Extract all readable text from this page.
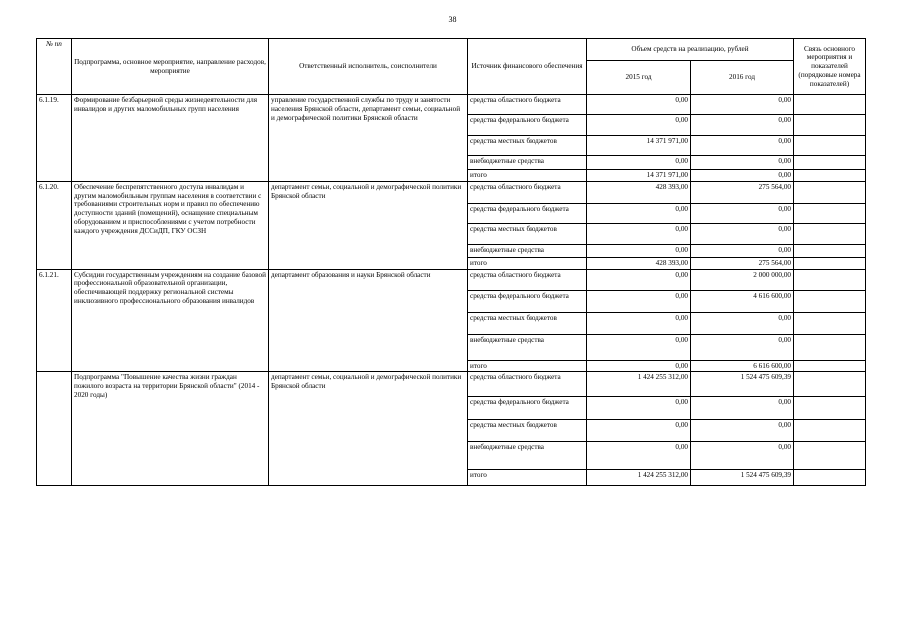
38
№ пп	Подпрограмма, основное мероприятие, направление расходов, мероприятие	Ответственный исполнитель, соисполнители	Источник финансового обеспечения	Объем средств на реализацию, рублей		Связь основного мероприятия и показателей (порядковые номера показателей)
				2015 год	2016 год	
6.1.19.	Формирование безбарьерной среды жизнедеятельности для инвалидов и других маломобильных групп населения	управление государственной службы по труду и занятости населения Брянской области, департамент семьи, социальной и демографической политики Брянской области	средства областного бюджета	0,00	0,00	
			средства федерального бюджета	0,00	0,00	
			средства местных бюджетов	14 371 971,00	0,00	
			внебюджетные средства	0,00	0,00	
			итого	14 371 971,00	0,00	
6.1.20.	Обеспечение беспрепятственного доступа инвалидам и другим маломобильным группам населения в соответствии с требованиями строительных норм и правил по обеспечению доступности зданий (помещений), оснащение специальным оборудованием и приспособлениями с учетом потребности каждого учреждения ДССиДП, ГКУ ОСЗН	департамент семьи, социальной и демографической политики Брянской области	средства областного бюджета	428 393,00	275 564,00	
			средства федерального бюджета	0,00	0,00	
			средства местных бюджетов	0,00	0,00	
			внебюджетные средства	0,00	0,00	
			итого	428 393,00	275 564,00	
6.1.21.	Субсидии государственным учреждениям на создание базовой профессиональной образовательной организации, обеспечивающей поддержку региональной системы инклюзивного профессионального образования инвалидов	департамент образования и науки Брянской области	средства областного бюджета	0,00	2 000 000,00	
			средства федерального бюджета	0,00	4 616 600,00	
			средства местных бюджетов	0,00	0,00	
			внебюджетные средства	0,00	0,00	
			итого	0,00	6 616 600,00	
	Подпрограмма "Повышение качества жизни граждан пожилого возраста на территории Брянской области" (2014 - 2020 годы)	департамент семьи, социальной и демографической политики Брянской области	средства областного бюджета	1 424 255 312,00	1 524 475 609,39	
			средства федерального бюджета	0,00	0,00	
			средства местных бюджетов	0,00	0,00	
			внебюджетные средства	0,00	0,00	
			итого	1 424 255 312,00	1 524 475 609,39	
